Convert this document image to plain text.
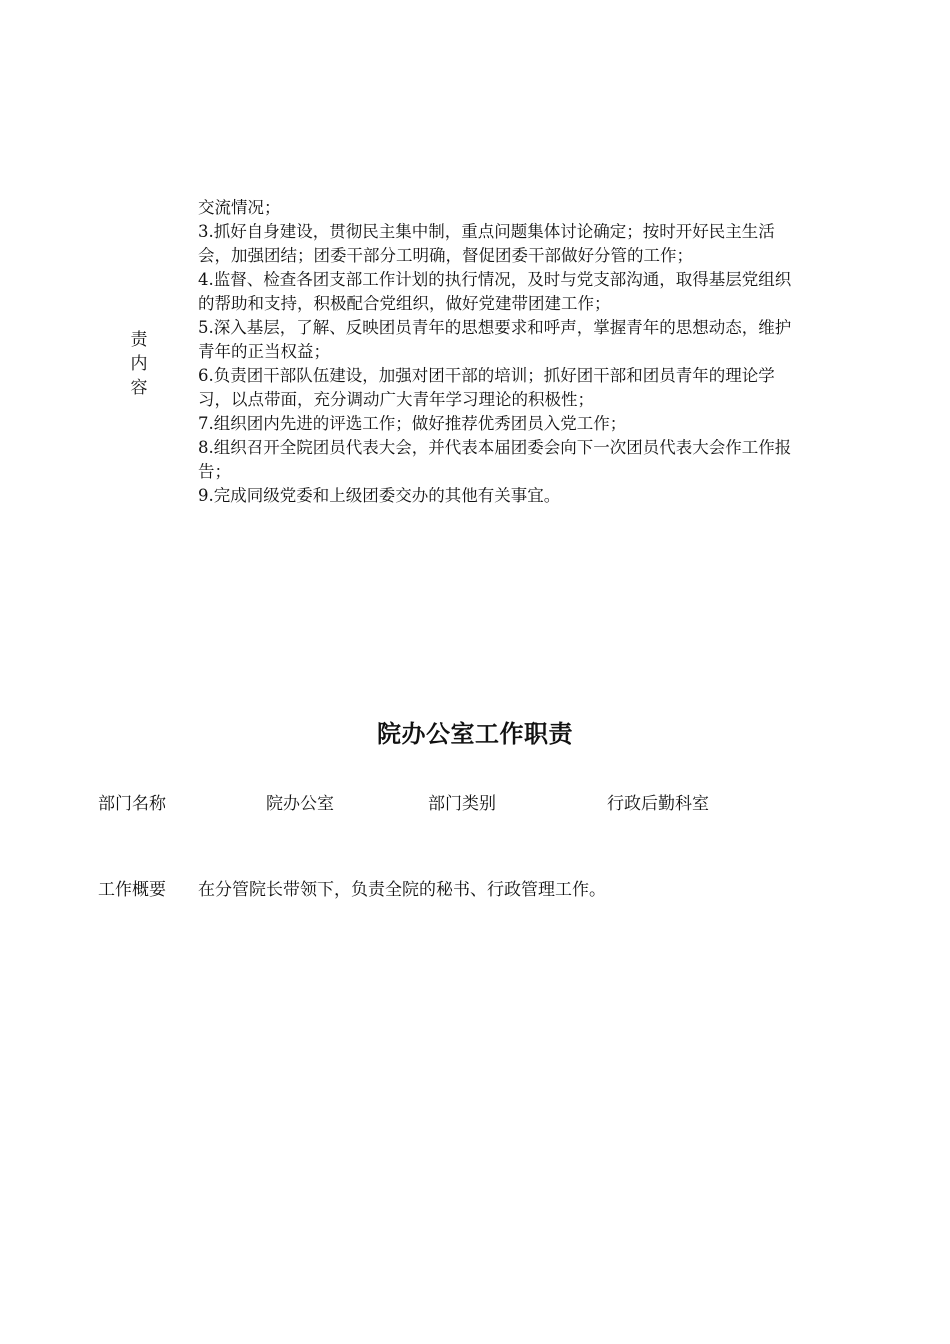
责
内
容
交流情况；
3.抓好自身建设，贯彻民主集中制，重点问题集体讨论确定；按时开好民主生活会，加强团结；团委干部分工明确，督促团委干部做好分管的工作；
4.监督、检查各团支部工作计划的执行情况，及时与党支部沟通，取得基层党组织的帮助和支持，积极配合党组织，做好党建带团建工作；
5.深入基层，了解、反映团员青年的思想要求和呼声，掌握青年的思想动态，维护青年的正当权益；
6.负责团干部队伍建设，加强对团干部的培训；抓好团干部和团员青年的理论学习，以点带面，充分调动广大青年学习理论的积极性；
7.组织团内先进的评选工作；做好推荐优秀团员入党工作；
8.组织召开全院团员代表大会，并代表本届团委会向下一次团员代表大会作工作报告；
9.完成同级党委和上级团委交办的其他有关事宜。
院办公室工作职责
部门名称	院办公室	部门类别	行政后勤科室
工作概要 在分管院长带领下，负责全院的秘书、行政管理工作。
